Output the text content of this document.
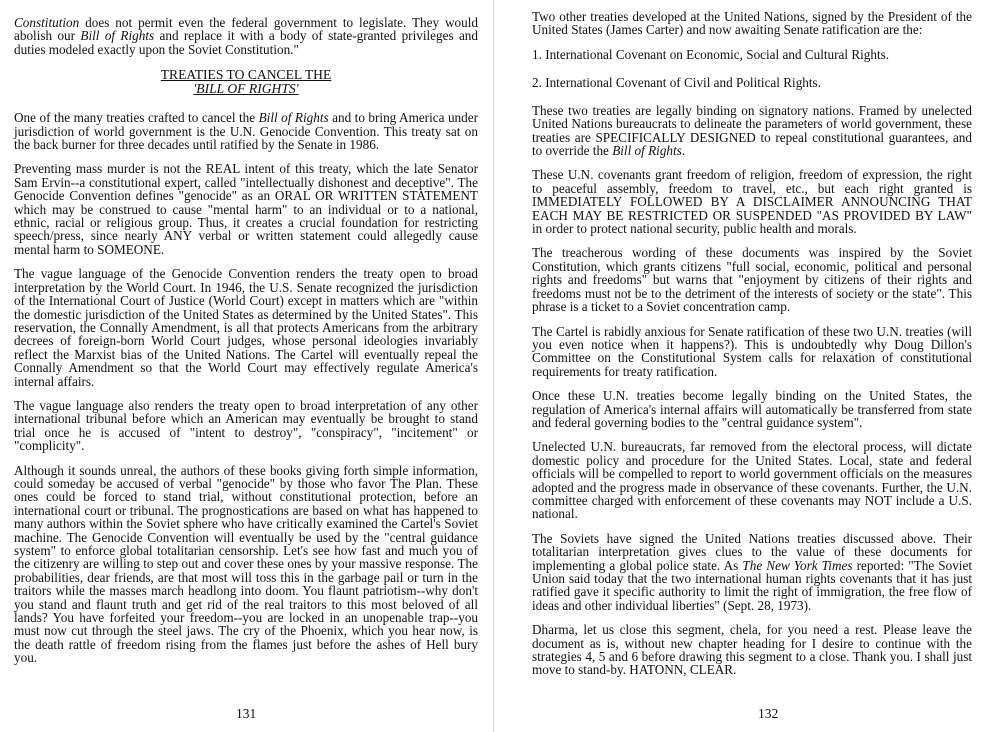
Constitution does not permit even the federal government to legislate. They would abolish our Bill of Rights and replace it with a body of state-granted privileges and duties modeled exactly upon the Soviet Constitution."

TREATIES TO CANCEL THE
'BILL OF RIGHTS'

One of the many treaties crafted to cancel the Bill of Rights and to bring America under jurisdiction of world government is the U.N. Genocide Convention. This treaty sat on the back burner for three decades until ratified by the Senate in 1986.

Preventing mass murder is not the REAL intent of this treaty, which the late Senator Sam Ervin--a constitutional expert, called "intellectually dishonest and deceptive". The Genocide Convention defines "genocide" as an ORAL OR WRITTEN STATEMENT which may be construed to cause "mental harm" to an individual or to a national, ethnic, racial or religious group. Thus, it creates a crucial foundation for restricting speech/press, since nearly ANY verbal or written statement could allegedly cause mental harm to SOMEONE.

The vague language of the Genocide Convention renders the treaty open to broad interpretation by the World Court. In 1946, the U.S. Senate recognized the jurisdiction of the International Court of Justice (World Court) except in matters which are "within the domestic jurisdiction of the United States as determined by the United States". This reservation, the Connally Amendment, is all that protects Americans from the arbitrary decrees of foreign-born World Court judges, whose personal ideologies invariably reflect the Marxist bias of the United Nations. The Cartel will eventually repeal the Connally Amendment so that the World Court may effectively regulate America's internal affairs.

The vague language also renders the treaty open to broad interpretation of any other international tribunal before which an American may eventually be brought to stand trial once he is accused of "intent to destroy", "conspiracy", "incitement" or "complicity".

Although it sounds unreal, the authors of these books giving forth simple information, could someday be accused of verbal "genocide" by those who favor The Plan. These ones could be forced to stand trial, without constitutional protection, before an international court or tribunal. The prognostications are based on what has happened to many authors within the Soviet sphere who have critically examined the Cartel's Soviet machine. The Genocide Convention will eventually be used by the "central guidance system" to enforce global totalitarian censorship. Let's see how fast and much you of the citizenry are willing to step out and cover these ones by your massive response. The probabilities, dear friends, are that most will toss this in the garbage pail or turn in the traitors while the masses march headlong into doom. You flaunt patriotism--why don't you stand and flaunt truth and get rid of the real traitors to this most beloved of all lands? You have forfeited your freedom--you are locked in an unopenable trap--you must now cut through the steel jaws. The cry of the Phoenix, which you hear now, is the death rattle of freedom rising from the flames just before the ashes of Hell bury you.

131

Two other treaties developed at the United Nations, signed by the President of the United States (James Carter) and now awaiting Senate ratification are the:

1. International Covenant on Economic, Social and Cultural Rights.
2. International Covenant of Civil and Political Rights.

These two treaties are legally binding on signatory nations. Framed by unelected United Nations bureaucrats to delineate the parameters of world government, these treaties are SPECIFICALLY DESIGNED to repeal constitutional guarantees, and to override the Bill of Rights.

These U.N. covenants grant freedom of religion, freedom of expression, the right to peaceful assembly, freedom to travel, etc., but each right granted is IMMEDIATELY FOLLOWED BY A DISCLAIMER ANNOUNCING THAT EACH MAY BE RESTRICTED OR SUSPENDED "AS PROVIDED BY LAW" in order to protect national security, public health and morals.

The treacherous wording of these documents was inspired by the Soviet Constitution, which grants citizens "full social, economic, political and personal rights and freedoms" but warns that "enjoyment by citizens of their rights and freedoms must not be to the detriment of the interests of society or the state". This phrase is a ticket to a Soviet concentration camp.

The Cartel is rabidly anxious for Senate ratification of these two U.N. treaties (will you even notice when it happens?). This is undoubtedly why Doug Dillon's Committee on the Constitutional System calls for relaxation of constitutional requirements for treaty ratification.

Once these U.N. treaties become legally binding on the United States, the regulation of America's internal affairs will automatically be transferred from state and federal governing bodies to the "central guidance system".

Unelected U.N. bureaucrats, far removed from the electoral process, will dictate domestic policy and procedure for the United States. Local, state and federal officials will be compelled to report to world government officials on the measures adopted and the progress made in observance of these covenants. Further, the U.N. committee charged with enforcement of these covenants may NOT include a U.S. national.

The Soviets have signed the United Nations treaties discussed above. Their totalitarian interpretation gives clues to the value of these documents for implementing a global police state. As The New York Times reported: "The Soviet Union said today that the two international human rights covenants that it has just ratified gave it specific authority to limit the right of immigration, the free flow of ideas and other individual liberties" (Sept. 28, 1973).

Dharma, let us close this segment, chela, for you need a rest. Please leave the document as is, without new chapter heading for I desire to continue with the strategies 4, 5 and 6 before drawing this segment to a close. Thank you. I shall just move to stand-by. HATONN, CLEAR.

132
